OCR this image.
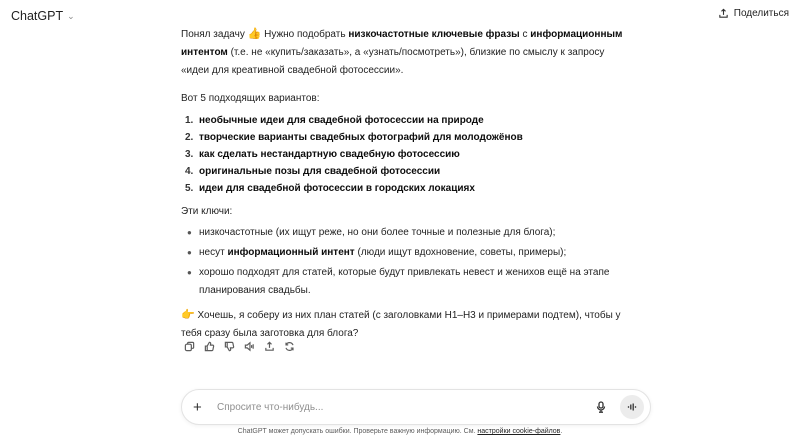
ChatGPT ⌄	Поделиться

Понял задачу 👍 Нужно подобрать низкочастотные ключевые фразы с информационным интентом (т.е. не «купить/заказать», а «узнать/посмотреть»), близкие по смыслу к запросу «идеи для креативной свадебной фотосессии».

Вот 5 подходящих вариантов:

1. необычные идеи для свадебной фотосессии на природе
2. творческие варианты свадебных фотографий для молодожёнов
3. как сделать нестандартную свадебную фотосессию
4. оригинальные позы для свадебной фотосессии
5. идеи для свадебной фотосессии в городских локациях

Эти ключи:

● низкочастотные (их ищут реже, но они более точные и полезные для блога);
● несут информационный интент (люди ищут вдохновение, советы, примеры);
● хорошо подходят для статей, которые будут привлекать невест и женихов ещё на этапе планирования свадьбы.

👉 Хочешь, я соберу из них план статей (с заголовками H1–H3 и примерами подтем), чтобы у тебя сразу была заготовка для блога?

+
Спросите что-нибудь...
ChatGPT может допускать ошибки. Проверьте важную информацию. См. настройки cookie-файлов.
